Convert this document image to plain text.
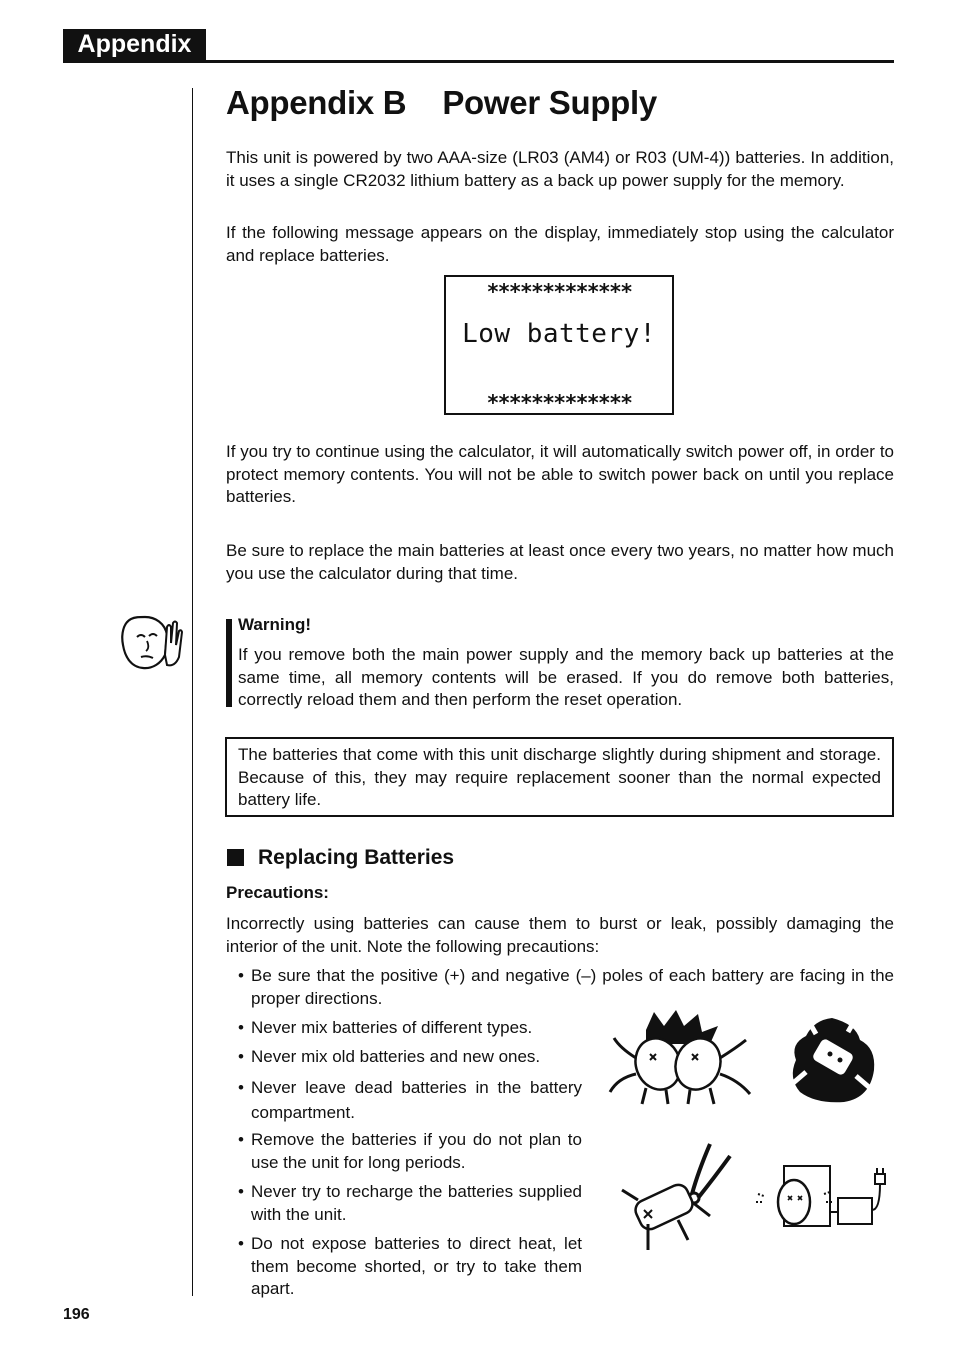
Appendix
Appendix B Power Supply

This unit is powered by two AAA-size (LR03 (AM4) or R03 (UM-4)) batteries. In addition, it uses a single CR2032 lithium battery as a back up power supply for the memory.

If the following message appears on the display, immediately stop using the calculator and replace batteries.

*************
Low battery!
*************

If you try to continue using the calculator, it will automatically switch power off, in order to protect memory contents. You will not be able to switch power back on until you replace batteries.

Be sure to replace the main batteries at least once every two years, no matter how much you use the calculator during that time.

Warning!

If you remove both the main power supply and the memory back up batteries at the same time, all memory contents will be erased. If you do remove both batteries, correctly reload them and then perform the reset operation.

The batteries that come with this unit discharge slightly during shipment and storage. Because of this, they may require replacement sooner than the normal expected battery life.

Replacing Batteries
Precautions:

Incorrectly using batteries can cause them to burst or leak, possibly damaging the interior of the unit. Note the following precautions:

• Be sure that the positive (+) and negative (–) poles of each battery are facing in the proper directions.
• Never mix batteries of different types.
• Never mix old batteries and new ones.
• Never leave dead batteries in the battery compartment.
• Remove the batteries if you do not plan to use the unit for long periods.
• Never try to recharge the batteries supplied with the unit.
• Do not expose batteries to direct heat, let them become shorted, or try to take them apart.
196
